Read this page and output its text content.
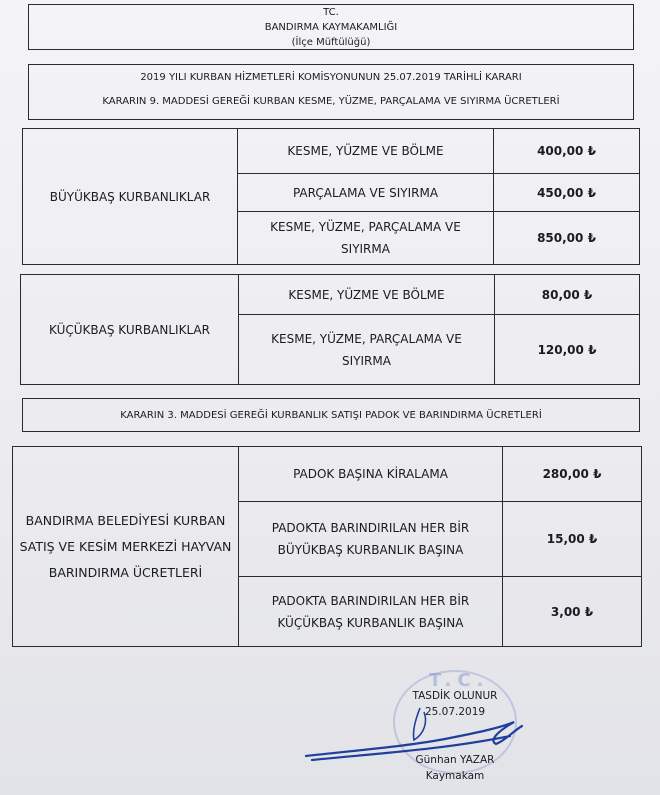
TC.
BANDIRMA KAYMAKAMLIĞI
(İlçe Müftülüğü)
2019 YILI KURBAN HİZMETLERİ KOMİSYONUNUN 25.07.2019 TARİHLİ KARARI
KARARIN 9. MADDESİ GEREĞİ KURBAN KESME, YÜZME, PARÇALAMA VE SIYIRMA ÜCRETLERİ
BÜYÜKBAŞ KURBANLIKLAR	KESME, YÜZME VE BÖLME	400,00 ₺
	PARÇALAMA VE SIYIRMA	450,00 ₺
	KESME, YÜZME, PARÇALAMA VE SIYIRMA	850,00 ₺
KÜÇÜKBAŞ KURBANLIKLAR	KESME, YÜZME VE BÖLME	80,00 ₺
	KESME, YÜZME, PARÇALAMA VE SIYIRMA	120,00 ₺
KARARIN 3. MADDESİ GEREĞİ KURBANLIK SATIŞI PADOK VE BARINDIRMA ÜCRETLERİ
BANDIRMA BELEDİYESİ KURBAN SATIŞ VE KESİM MERKEZİ HAYVAN BARINDIRMA ÜCRETLERİ	PADOK BAŞINA KİRALAMA	280,00 ₺
	PADOKTA BARINDIRILAN HER BİR BÜYÜKBAŞ KURBANLIK BAŞINA	15,00 ₺
	PADOKTA BARINDIRILAN HER BİR KÜÇÜKBAŞ KURBANLIK BAŞINA	3,00 ₺
T.C.
TASDİK OLUNUR
25.07.2019
Günhan YAZAR
Kaymakam
